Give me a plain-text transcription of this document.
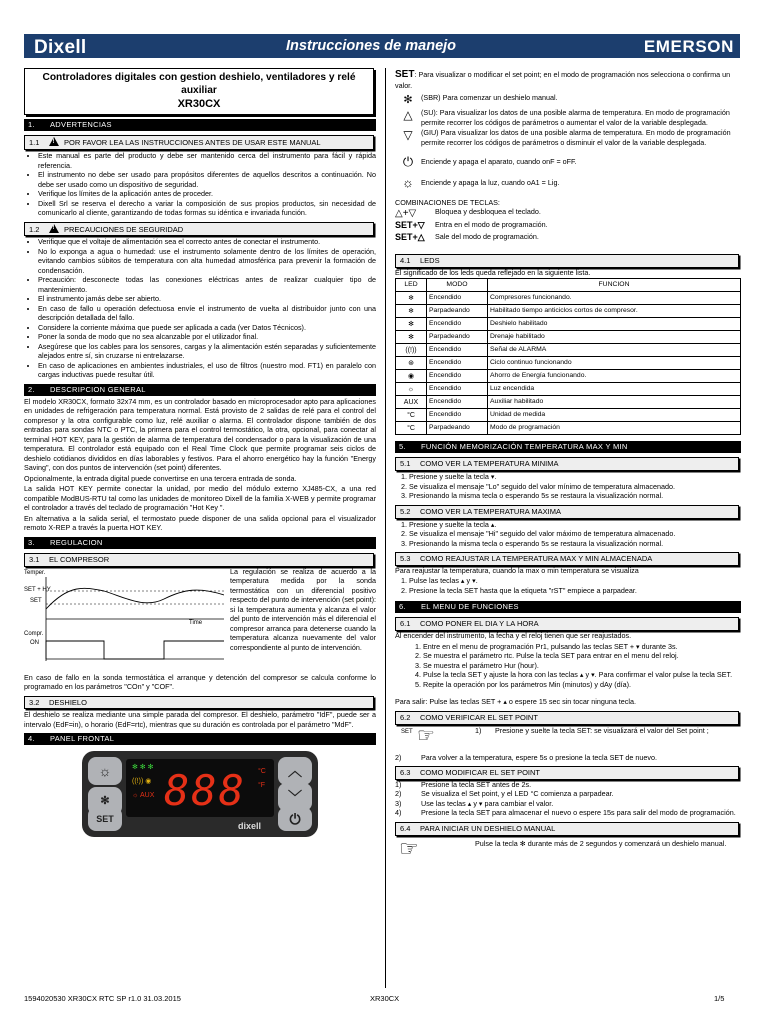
Dixell	Instrucciones de manejo	EMERSON
Controladores digitales con gestion deshielo, ventiladores y relé
auxiliar
XR30CX
1. ADVERTENCIAS
1.1 !	POR FAVOR LEA LAS INSTRUCCIONES ANTES DE USAR ESTE MANUAL
• Este manual es parte del producto y debe ser mantenido cerca del instrumento para fácil y rápida referencia.
• El instrumento no debe ser usado para propósitos diferentes de aquellos descritos a continuación. No debe ser usado como un dispositivo de seguridad.
• Verifique los límites de la aplicación antes de proceder.
• Dixell Srl se reserva el derecho a variar la composición de sus propios productos, sin necesidad de comunicarlo al cliente, garantizando de todas formas su idéntica e invariada función.
1.2 !	PRECAUCIONES DE SEGURIDAD
• Verifique que el voltaje de alimentación sea el correcto antes de conectar el instrumento.
• No lo exponga a agua o humedad: use el instrumento solamente dentro de los límites de operación, evitando cambios súbitos de temperatura con alta humedad atmosférica para prevenir la formación de condensación.
• Precaución: desconecte todas las conexiones eléctricas antes de realizar cualquier tipo de mantenimiento.
• El instrumento jamás debe ser abierto.
• En caso de fallo u operación defectuosa envíe el instrumento de vuelta al distribuidor junto con una descripción detallada del fallo.
• Considere la corriente máxima que puede ser aplicada a cada (ver Datos Técnicos).
• Poner la sonda de modo que no sea alcanzable por el utilizador final.
• Asegúrese que los cables para los sensores, cargas y la alimentación estén separadas y suficientemente alejados entre sí, sin cruzarse ni entrelazarse.
• En caso de aplicaciones en ambientes industriales, el uso de filtros (nuestro mod. FT1) en paralelo con cargas inductivas puede resultar útil.
2. DESCRIPCION GENERAL

El modelo XR30CX, formato 32x74 mm, es un controlador basado en microprocesador apto para aplicaciones en unidades de refrigeración para temperatura normal. Está provisto de 2 salidas de relé para el control del compresor y la otra configurable como luz, relé auxiliar o alarma. El controlador dispone también de dos entradas para sondas NTC o PTC, la primera para el control termostático, la otra, opcional, para conectar al terminal HOT KEY, para la gestión de alarma de temperatura del condensador o para la visualización de una temperatura. El controlador está equipado con el Real Time Clock que permite programar seis ciclos de deshielo cotidianos divididos en días laborables y festivos. Para el ahorro energético hay la función "Energy Saving", con dos puntos de intervención (set point) diferentes.

Opcionalmente, la entrada digital puede convertirse en una tercera entrada de sonda.

La salida HOT KEY permite conectar la unidad, por medio del módulo externo XJ485-CX, a una red compatible ModBUS-RTU tal como las unidades de monitoreo Dixell de la familia X-WEB y permite programar el controlador a través del teclado de programación "Hot Key ".

En alternativa a la salida serial, el termostato puede disponer de una salida opcional para el visualizador remoto X-REP a través la puerta HOT KEY.

3. REGULACION
3.1 EL COMPRESOR
Temper.
SET + HY
SET
Time
Compr.
ON

La regulación se realiza de acuerdo a la temperatura medida por la sonda termostática con un diferencial positivo respecto del punto de intervención (set point): si la temperatura aumenta y alcanza el valor del punto de intervención más el diferencial el compresor arranca para detenerse cuando la temperatura alcanza nuevamente del valor correspondiente al punto de intervención.

En caso de fallo en la sonda termostática el arranque y detención del compresor se calcula conforme lo programado en los parámetros "COn" y "COF".

3.2 DESHIELO

El deshielo se realiza mediante una simple parada del compresor. El deshielo, parámetro "IdF", puede ser a intervalo (EdF=in), o horario (EdF=rtc), mientras que su duración es controlada por el parámetro "MdF".

4. PANEL FRONTAL
☼
✻
SET
✻ ✻ ✻
((!)) ◉
☼ AUX 888 °C
°F
︿
﹀
⏻
dixell
SET: Para visualizar o modificar el set point; en el modo de programación nos selecciona o confirma un valor.
✻	(SBR) Para comenzar un deshielo manual.
△	(SU): Para visualizar los datos de una posible alarma de temperatura. En modo de programación permite recorrer los códigos de parámetros o aumentar el valor de la variable desplegada.
▽	(GIU) Para visualizar los datos de una posible alarma de temperatura. En modo de programación permite recorrer los códigos de parámetros o disminuir el valor de la variable desplegada.
⏻	Enciende y apaga el aparato, cuando onF = oFF.
☼ Enciende y apaga la luz, cuando oA1 = Lig.
COMBINACIONES DE TECLAS:
△+▽	Bloquea y desbloquea el teclado.
SET+▽	Entra en el modo de programación.
SET+△	Sale del modo de programación.
4.1 LEDS
El significado de los leds queda reflejado en la siguiente lista.
LED	MODO	FUNCION
❄	Encendido	Compresores funcionando.
❄	Parpadeando	Habilitado tiempo anticiclos cortos de compresor.
✻	Encendido	Deshielo habilitado
✻	Parpadeando	Drenaje habilitado
((!))	Encendido	Señal de ALARMA
⊛	Encendido	Ciclo continuo funcionando
◉	Encendido	Ahorro de Energía funcionando.
☼	Encendido	Luz encendida
AUX	Encendido	Auxiliar habilitado
°C	Encendido	Unidad de medida
°C	Parpadeando	Modo de programación
5. FUNCIÓN MEMORIZACIÓN TEMPERATURA MAX Y MIN
5.1 COMO VER LA TEMPERATURA MINIMA
1. Presione y suelte la tecla ▾.
2. Se visualiza el mensaje "Lo" seguido del valor mínimo de temperatura almacenado.
3. Presionando la misma tecla o esperando 5s se restaura la visualización normal.
5.2 COMO VER LA TEMPERATURA MAXIMA
1. Presione y suelte la tecla ▴.
2. Se visualiza el mensaje "Hi" seguido del valor máximo de temperatura almacenado.
3. Presionando la misma tecla o esperando 5s se restaura la visualización normal.
5.3 COMO REAJUSTAR LA TEMPERATURA MAX Y MIN ALMACENADA
Para reajustar la temperatura, cuando la max o min temperatura se visualiza
1. Pulse las teclas ▴ y ▾.
2. Presione la tecla SET hasta que la etiqueta "rST" empiece a parpadear.
6. EL MENU DE FUNCIONES
6.1 COMO PONER EL DIA Y LA HORA
Al encender del instrumento, la fecha y el reloj tienen que ser reajustados.
1. Entre en el menu de programación Pr1, pulsando las teclas SET + ▾ durante 3s.
2. Se muestra el parámetro rtc. Pulse la tecla SET para entrar en el menu del reloj.
3. Se muestra el parámetro Hur (hour).
4. Pulse la tecla SET y ajuste la hora con las teclas ▴ y ▾. Para confirmar el valor pulse la tecla SET.
5. Repite la operación por los parámetros Min (minutos) y dAy (día).
Para salir: Pulse las teclas SET + ▴ o espere 15 sec sin tocar ninguna tecla.
6.2 COMO VERIFICAR EL SET POINT
SET ☞	1) Presione y suelte la tecla SET: se visualizará el valor del Set point ;
2)	Para volver a la temperatura, espere 5s o presione la tecla SET de nuevo.
6.3 COMO MODIFICAR EL SET POINT
1)	Presione la tecla SET antes de 2s.
2)	Se visualiza el Set point, y el LED °C comienza a parpadear.
3)	Use las teclas ▴ y ▾ para cambiar el valor.
4)	Presione la tecla SET para almacenar el nuevo o espere 15s para salir del modo de programación.
6.4 PARA INICIAR UN DESHIELO MANUAL
☞	Pulse la tecla ✻ durante más de 2 segundos y comenzará un deshielo manual.
1594020530 XR30CX RTC SP r1.0 31.03.2015	XR30CX	1/5
